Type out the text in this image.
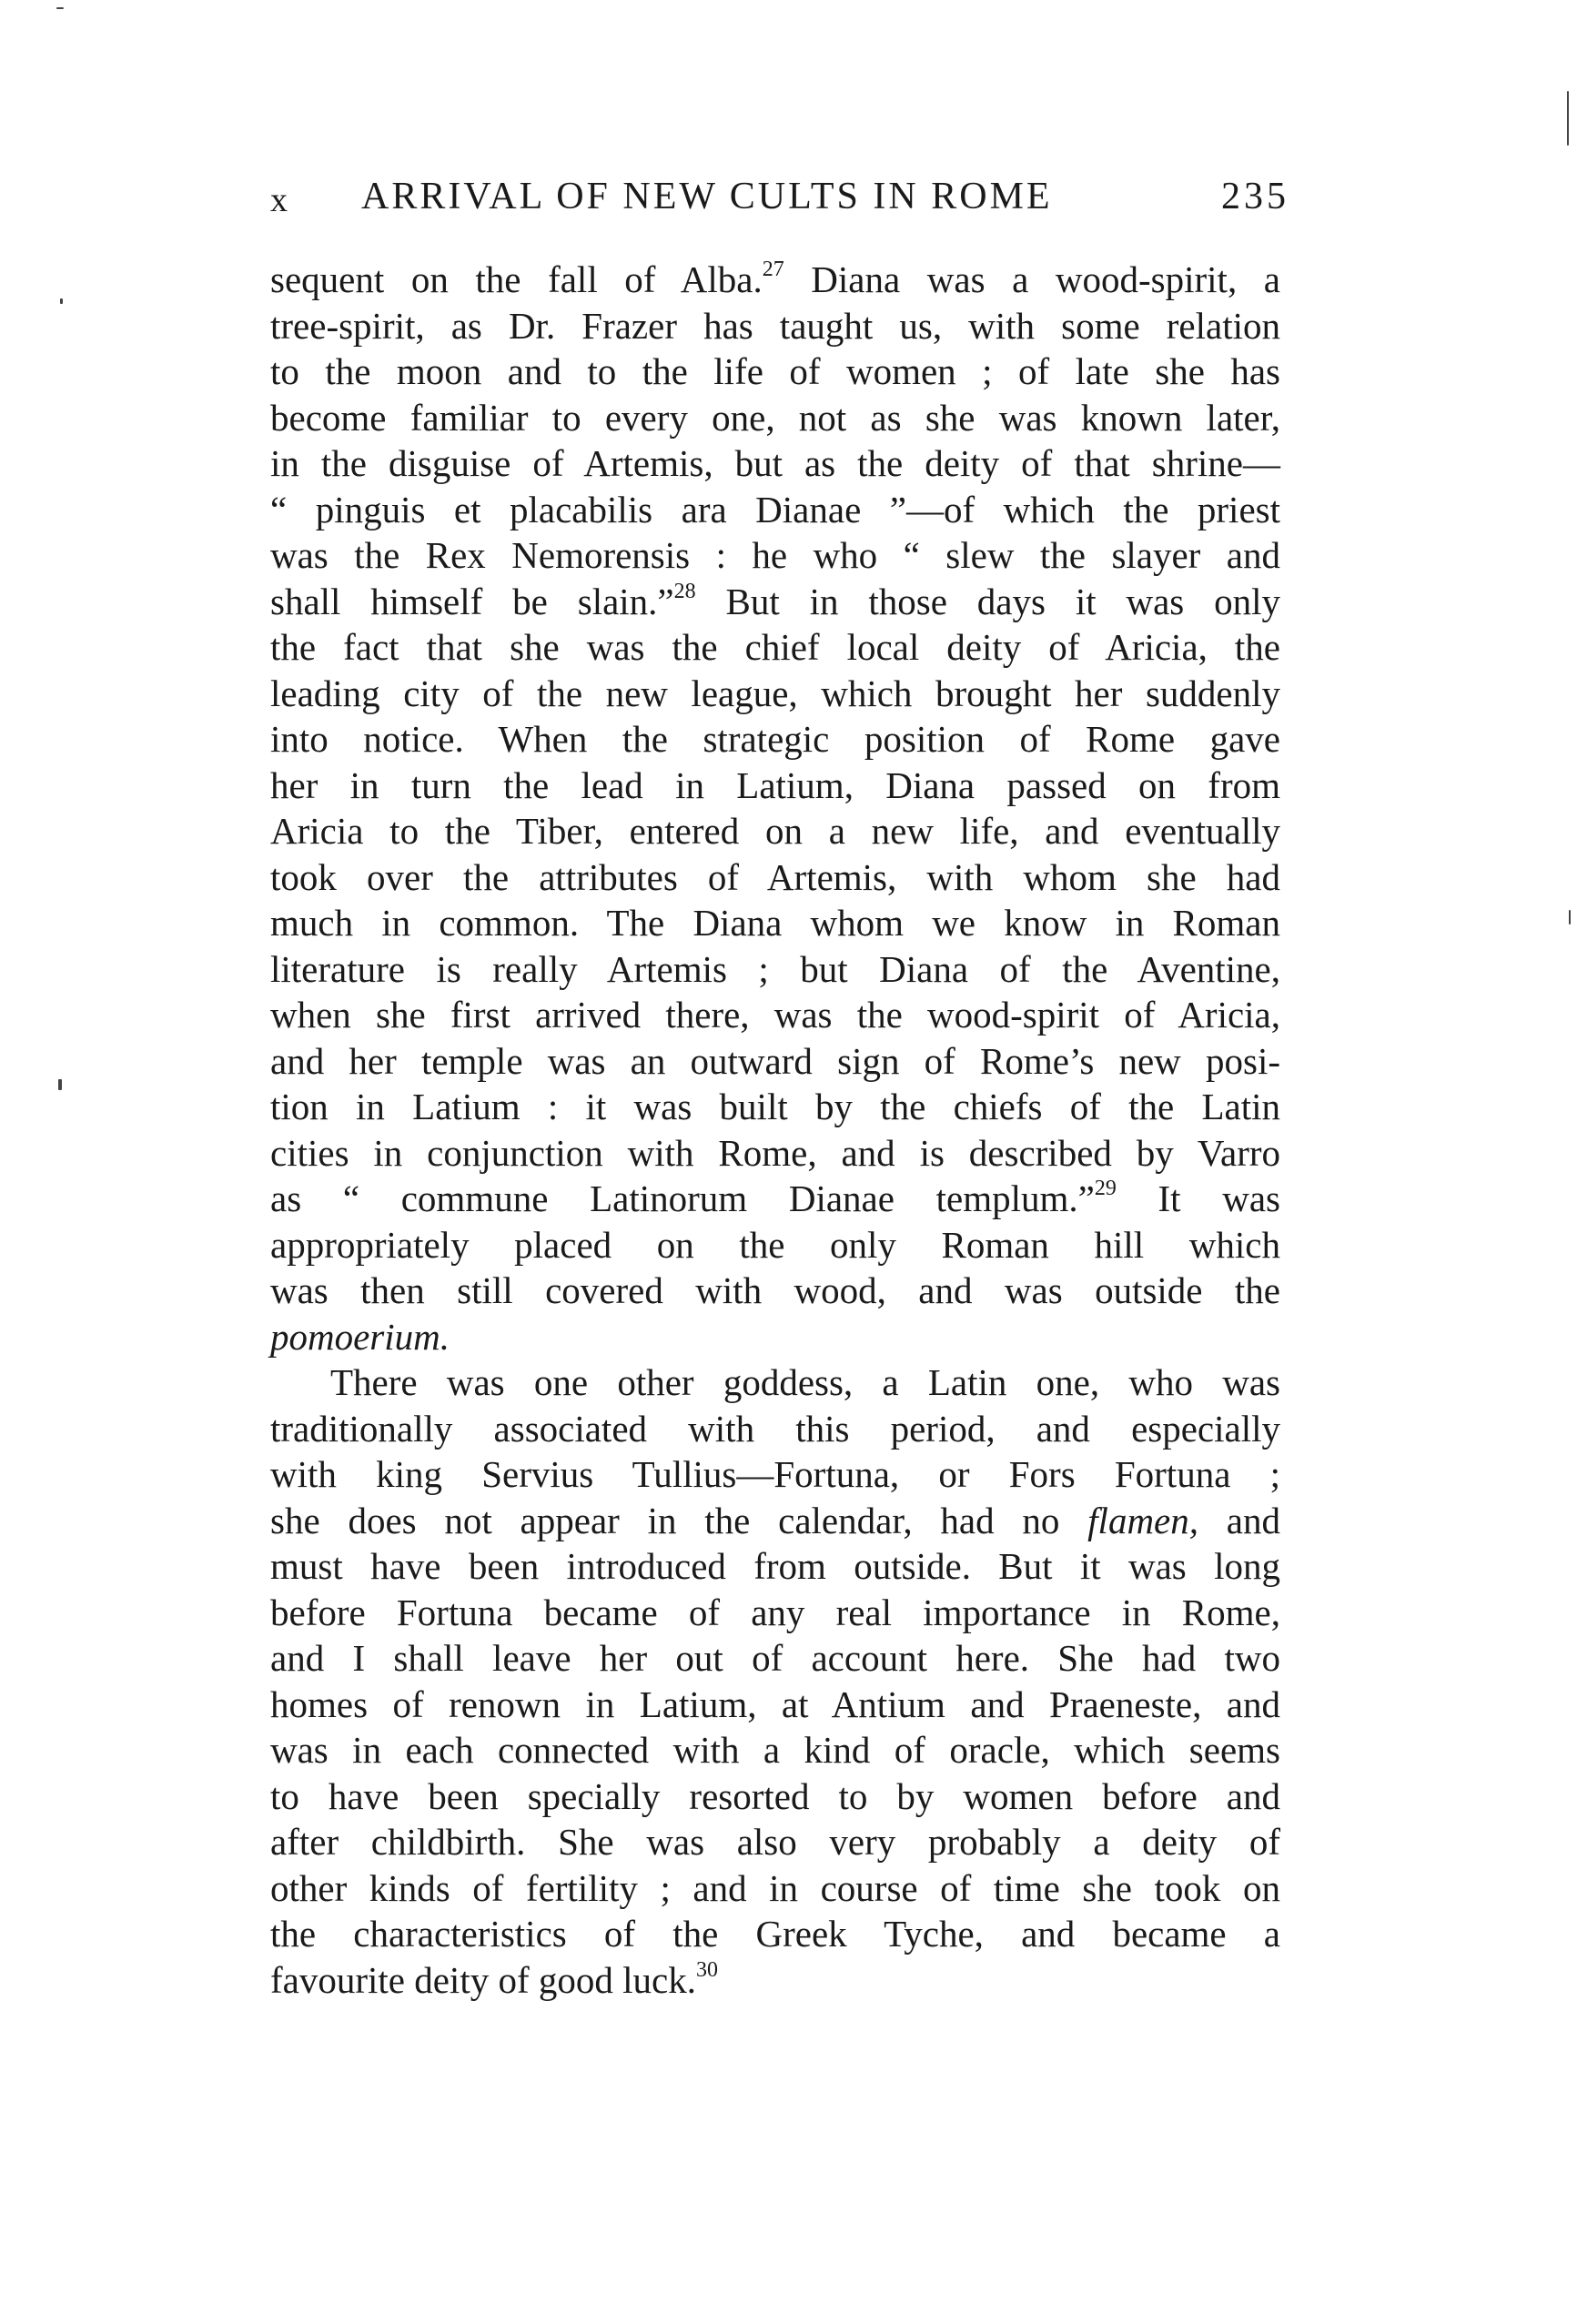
x ARRIVAL OF NEW CULTS IN ROME	235
sequent on the fall of Alba.$^{27}$ Diana was a wood-spirit, a
tree-spirit, as Dr. Frazer has taught us, with some relation
to the moon and to the life of women ; of late she has
become familiar to every one, not as she was known later,
in the disguise of Artemis, but as the deity of that shrine—
“ pinguis et placabilis ara Dianae ”—of which the priest
was the Rex Nemorensis : he who “ slew the slayer and
shall himself be slain.”$^{28}$ But in those days it was only
the fact that she was the chief local deity of Aricia, the
leading city of the new league, which brought her suddenly
into notice. When the strategic position of Rome gave
her in turn the lead in Latium, Diana passed on from
Aricia to the Tiber, entered on a new life, and eventually
took over the attributes of Artemis, with whom she had
much in common. The Diana whom we know in Roman
literature is really Artemis ; but Diana of the Aventine,
when she first arrived there, was the wood-spirit of Aricia,
and her temple was an outward sign of Rome’s new posi-
tion in Latium : it was built by the chiefs of the Latin
cities in conjunction with Rome, and is described by Varro
as “ commune Latinorum Dianae templum.”$^{29}$ It was
appropriately placed on the only Roman hill which
was then still covered with wood, and was outside the
pomoerium.
There was one other goddess, a Latin one, who was
traditionally associated with this period, and especially
with king Servius Tullius—Fortuna, or Fors Fortuna ;
she does not appear in the calendar, had no flamen, and
must have been introduced from outside. But it was long
before Fortuna became of any real importance in Rome,
and I shall leave her out of account here. She had two
homes of renown in Latium, at Antium and Praeneste, and
was in each connected with a kind of oracle, which seems
to have been specially resorted to by women before and
after childbirth. She was also very probably a deity of
other kinds of fertility ; and in course of time she took on
the characteristics of the Greek Tyche, and became a
favourite deity of good luck.$^{30}$
